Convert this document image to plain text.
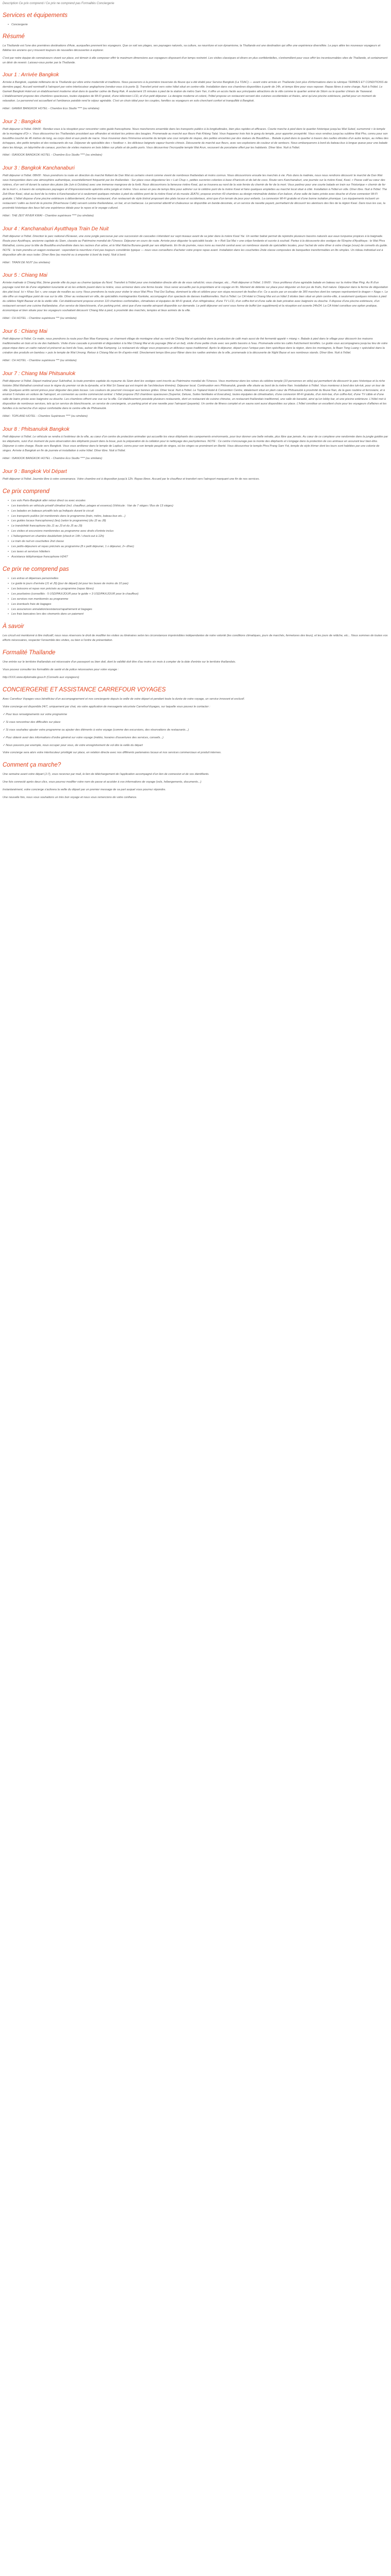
Description Ce prix comprend / Ce prix ne comprend pas Formalités Conciergerie
Services et équipements
• Conciergerie
Résumé

La Thaïlande est l'une des premières destinations d'Asie, auxquelles prennent les voyageurs. Que ce soit ses plages, ses paysages naturels, sa culture, sa nourriture et son dynamisme, la Thaïlande est une destination qui offre une expérience diversifiée. Le pays attire les nouveaux voyageurs et fidélise les anciens qui y trouvent toujours de nouvelles découvertes à explorer.

C'est par notre équipe de connaisseurs vivant sur place, est témoin à elle composer offrir le maximum dimensions aux voyageurs disposant d'un temps restreint. Les visites classiques et divers en plus confidentielles, s'entremêlent pour vous offrir les incontournables sites de Thaïlande, et certainement un désir de revenir. Laissez-vous porter par la Thaïlande.

Jour 1 : Arrivée Bangkok

Arrivée à Bangkok, capitale millénaire de la Thaïlande qui vibre entre modernité et traditions. Nous passerons à la première traversée du fleuve qui a été établi pour Service Bangkok (La TDAC) — avant votre arrivée en Thaïlande (voir plus d'informations dans la rubrique TERMES ET CONDITIONS de dernière page). Accueil nominatif à l'aéroport par votre interlocuteur anglophone (rendez-vous à la porte 3). Transfert privé vers votre hôtel situé en centre-ville. Installation dans vos chambres disponibles à partir de 14h, et temps libre pour vous reposer. Repas libres à votre charge. Nuit à l'hôtel. Le Gamek Bangkok Hotel est un établissement moderne situé dans le quartier calme de Bang Rak. À seulement 15 minutes à pied de la station de métro Sam Yan, il offre un accès facile aux principales attractions de la ville comme le quartier animé de Silom ou le quartier chinois de Yaowarat. L'établissement propose des chambres spacieuses, toutes équipées de Wi-Fi gratuit, d'une télévision LCD, et d'un petit déjeuner. La designe moderne et coloré, l'hôtel propose un restaurant servant des cuisines occidentales et thaïes, ainsi qu'une piscine extérieure, parfait pour un moment de relaxation. Le personnel est accueillant et l'ambiance paisible rend le séjour agréable. C'est un choix idéal pour les couples, familles ou voyageurs en solo cherchant confort et tranquillité à Bangkok.

Hôtel : GAMEK BANGKOK HOTEL - Chambre Eco Studio **** (ou similaire)

Jour 2 : Bangkok

Petit déjeuner à l'hôtel. 09h00 : Rendez-vous à la réception pour rencontrer votre guide francophone. Nous marcherons ensemble dans les transports publics à la longitudinales, bien plus rapides et efficaces. Courte marche à pied dans le quartier historique jusqu'au Wat Suted, surnommé « le temple de la montagne d'Or ». Vous découvrirez les Thaïlandais procédant aux offrandes et récitant les prières des bougies. Promenade au marché aux fleurs Pak Khlong Talat. Vous frapperez trois fois le gong du temple, pour apporter prospérité. Vous vous rendrez jusqu'au sublime Wat Pho, connu pour son bouddha couché de 46 mètres de long, au corps doré et aux pieds de nacre. Vous trouverez dans l'immense enceinte du temple une cour remplie de stupas, des petites enceintes par des statues de Bouddhas... Balade à pied dans le quartier à travers des ruelles étroites d'un autre temps, au milieu des échoppes, des petits temples et des restaurants de rue. Déjeuner de spécialités des « foodtour ». les délicieux beignets vapeur fourrés chinois. Découverte du marché aux fleurs, avec ses explosions de couleur et de senteurs. Nous embarquerons à bord du bateau-bus à longue queue pour une balade dans les klongs, un labyrinthe de canaux, porches de visites maisons en bois bâties sur pilotis et de petits ports. Vous découvrirez l'incroyable temple Wat Arun, recouvert de porcelaine offert par les habitants. Dîner libre. Nuit à l'hôtel.

Hôtel : ISANOOK BANGKOK HOTEL - Chambre Eco Studio **** (ou similaire)

Jour 3 : Bangkok Kanchanaburi

Petit déjeuner à l'hôtel. 08h00 : Nous prendrons la route en direction du marché flottant de Dan Wat où certains vivent comme vivent de nombreux thaïlandais et moins connus. Nous découvrirons ensuite les marchés à vie. Puis dans la matinée, nous nous rendrons découvrir le marché de Dan Wat sous transportées dans une atmosphère authentique, essentiellement fréquenté par les thaïlandais : Sur place vous dégusterez les « Luk Chup », petites sucreries colorées à base d'haricots et de lait de coco. Route vers Kanchanaburi, une journée sur la rivière Kwaï, Kwaï. « Passe calif au cœur des rizières, d'un vert vif durant la saison des pluies (de Juin à Octobre) avec une immense mangrove de la forêt. Nous découvrirons la fameuse rivière Kwaï, qui se trouvera au nord de la voie ferrée du chemin de fer de la mort. Vous partirez pour une courte balade en train sur l'historique « chemin de fer de la mort », à travers de sompteuses paysages et d'impressionnants aplombs entre jungle et rivière. Vous aurez un peu de temps libre pour admirer sur le célèbre pont de la rivière Kwaï et faire quelques emplettes au marché local situé à côté. Installation à l'hôtel en ville. Dîner libre. Nuit à l'hôtel. The Zeit River Kwaï, situé au bord de la rivière à Kanchanaburi et à seulement quelques minutes à pied du célèbre pont de la rivière Kwaï et du musée JEATH, propose environ 43 chambres au design minimaliste dotées d'un balcon, d'une salle de bains privée avec douche et d'une connexion Wi-Fi gratuite. L'hôtel dispose d'une piscine extérieure à débordement, d'un bar-restaurant, d'un restaurant de style bistrot proposant des plats locaux et occidentaux, ainsi que d'un terrain de jeux pour enfants. La connexion Wi-Fi gratuite et d'une bonne isolation phonique. Les équipements incluent un restaurant / cafés au bord de la piscine (Riverhouse Café) servant cuisine thaïlandaise, un bar, et un barbecue. Le personnel attentif et chaleureux se disponible en bande-dessinée, et un service de navette payant, permettant de découvrir les alentours des îles de la région Kwaï. Dans tous les cas, la proximité historique des lieux fait une expérience idéale pour le repos et le voyage culturel.

Hôtel : THE ZEIT RIVER KWAI - Chambre supérieure **** (ou similaire)

Jour 4 : Kanchanaburi Ayutthaya Train De Nuit

Petit déjeuner à l'hôtel. Direction le parc national d'Erawan, une zone jungle parcourue par une succession de cascades s'étendant sur sept niveaux avant de se jeter dans la rivière Kwaï Yai. Un sentier balisé permet de rejoindre plusieurs bassins naturels aux eaux turquoise propices à la baignade. Route pour Ayutthaya, ancienne capitale du Siam, classée au Patrimoine mondial de l'Unesco. Déjeuner en cours de route. Arrivée pour déguster la spécialité locale : le « Roti Sai Mai » une crêpe fondante et sucrée à souhait. Partez à la découverte des vestiges de l'Empire d'Ayutthaya : le Wat Phra Mahathat, connu pour la tête de Bouddha enchevêtrée dans les racines d'un arbre, et le Wat Ratcha Burana gardé par ses éléphants. En fin de journée, nous irons au marché central avec un nombreux stands de spécialités locales, pour l'achat de votre dîner à votre charge (vous) de conseils du guide. NOTE : le train prendra un wagon-restaurant : cependant la nourriture n'est pas toujours considérée typique — nous vous conseillons d'acheter votre propre repas avant. Installation dans les couchettes 2nde classe composées de banquettes transformables en lits simples. Un rideau individuel est à disposition afin de vous isoler. Dîner libre (au marché ou à emporter à bord du train). Nuit à bord.

Hôtel : TRAIN DE NUIT (ou similaire)

Jour 5 : Chiang Mai

Arrivée matinale à Chiang Mai, 2ème grande ville du pays au charme typique du Nord. Transfert à l'hôtel pour une installation directe afin de de vous rafraîchir, vous changer, etc... Petit déjeuner à l'hôtel. 1:0h00 : Vous profiterez d'une agréable balade en bateau sur la rivière Mae Ping. Au fil d'un paysage rural tiré de d'une végétation luxuriante et où les enfants jouent dans la rivière, vous arriverez dans une ferme locale. Vous serez accueillis par la propriétaire et le voyage en fin. Moment de détente sur place pour déguster un bon jus de fruits, fruit nature. Déjeuner dans la ferme de dégustation des plat local. Ici « Khao Soi », une soupe de nouilles au curry. Nous prendrons la route pour visiter le vieux Wat Phra That Doi Suthep, dominant la ville et célèbre pour son stupa recouvert de feuilles d'or. Ce a accès par un escalier de 300 marches dont les rampes représentent le dragon « Naga ». Le site offre un magnifique point de vue sur la ville. Dîner au restaurant en ville, de spécialités montagnardes Kantoke, accompagné d'un spectacle de danses traditionnelles. Nuit à l'hôtel. Le CA Hotel à Chiang Mai est un hôtel 3 étoiles bien situé en plein centre-ville, à seulement quelques minutes à pied du célèbre Night Bazaar et de la vieille ville. Cet établissement propose environ 110 chambres confortables, climatisées et équipées de Wi-Fi gratuit, d'un réfrigérateur, d'une TV LCD, d'un coffre-fort et d'une salle de bain privative avec baignoire ou douche. Il dispose d'une piscine extérieure, d'un restaurant servant une cuisine thaïlandaise, d'un service de blanchisserie, d'un parking privé, ainsi que d'une navette aéroport disponible sur demande. Le petit déjeuner est servi sous forme de buffet (en supplément) et la réception est ouverte 24h/24. La CA Hotel constitue une option pratique, économique et bien située pour les voyageurs souhaitant découvrir Chiang Mai à pied, à proximité des marchés, temples et lieux animés de la ville.

Hôtel : CH HOTEL - Chambre supérieure *** (ou similaire)

Jour 6 : Chiang Mai

Petit déjeuner à l'hôtel. Ce matin, nous prendrons la route pour Ban Mae Kampong, un charmant village de montagne situé au nord de Chiang Mai et spécialisé dans la production de café mais aussi de thé fermenté appelé « miang ». Balade à pied dans le village pour découvrir les maisons traditionnelles en bois et la vie des habitants. Visite d'une cascade à proximité et dégustation à la Mai Chiang Mai et du paysage (Mai et un bel), visite d'une petite chute avec ses petits bassins à l'eau. Promenade entre les cafés fraîchement torréfiés. Le guide vous accompagnera jusqu'au lieu de votre pique-nique dans un cadre naturel et préservé au bord de l'eau, autour de Mae Kampong. Le restaurant du village vous proposera un délicieux repas traditionnel. Après le déjeuner, départ pour l'unique parc bien spécifique dans la région, dans les montagnes, le Baan Tong Luang « spécialisé dans la création des produits en bambou » puis le temple de Wat Umong. Retour à Chiang Mai en fin d'après-midi. Directement temps libre pour flâner dans les ruelles animées de la ville, promenade à la découverte de Night Bazar et ses nombreux stands. Dîner libre. Nuit à l'hôtel.

Hôtel : CH HOTEL - Chambre supérieure *** (ou similaire)

Jour 7 : Chiang Mai Phitsanulok

Petit déjeuner à l'hôtel. Départ matinal pour Sukhothaï, la toute première capitale du royaume du Siam dont les vestiges sont inscrits au Patrimoine mondial de l'Unesco. Vous montrerez dans les ruines du célèbre temple (10 personnes en vélo) qui permettent de découvrir le parc historique et la riche histoire (Wat Mahathat construit sous le règne du premier roi de la dynastie, et le Wat Sri Sawai qui est inspiré de l'architecture khmère). Déjeuner local. Continuation vers Phitsanulok, grande ville située au bord de la rivière Nan. Installation à l'hôtel. Vous monterez à bord des tuk-tuk, pour un tour de ville. Quelques arrêts seront prévus pour déguster des plats locaux. Les couleurs de pourront s'essayer aux bonnes grilles. Dîner local. Nuit à l'hôtel. Le Topland Hotel & Convention Centre, idéalement situé en plein cœur de Phitsanulok à proximité du fleuve Nan, de la gare routière et ferroviaire, et à environ 5 minutes en voiture de l'aéroport, en connexion au centre commercial central. L'hôtel propose 252 chambres spacieuses (Superior, Deluxe, Suites familiales et Executive), toutes équipées de climatisation, d'une connexion Wi-Fi gratuite, d'un mini-bar, d'un coffre-fort, d'une TV câble et d'une salle de bains privée avec baignoire ou douche. Les chambres offrent une vue sur la ville. Cet établissement possède plusieurs restaurants, dont un restaurant de cuisine chinoise, un restaurant thaïlandais traditionnel, une salle de karaoké, ainsi qu'un lobby bar, et une piscine extérieure. L'hôtel met à disposition de nombreux services, tels qu'un service de blanchisserie, un service de conciergerie, un parking privé et une navette pour l'aéroport (payante). Un centre de fitness complet et un sauna sont aussi disponibles sur place. L'hôtel constitue un excellent choix pour les voyageurs d'affaires et les familles à la recherche d'un séjour confortable dans le centre-ville de Phitsanulok.

Hôtel : TOPLAND HOTEL - Chambre Supérieure **** (ou similaire)

Jour 8 : Phitsanulok Bangkok

Petit déjeuner à l'hôtel. Le véhicule se rendra à l'extérieur de la ville, au cœur d'un centre de protection animalier qui accueille les vieux éléphants des campements environnants, pour leur donner une belle retraite, plus libre que jamais. Au cœur de ce complexe une randonnée dans la jungle guidée par les éléphants, suivi d'un moment de pure observation des éléphants jouant dans la boue, puis la préparation de la collation pour le nettoyage des pachydermes. NOTE : Ce centre n'encourage pas la monte des éléphants et s'engage dans la protection de ces animaux en assurant leur bien-être. Déjeuner à votre charge. Route vers Bangkok. Vous vous arrêterez dans le temple de Lopburi, connu pour son temple peuplé de singes, où les singes se promènent en liberté. Vous découvrirez le temple Phra Prang Sam Yot, temple de style khmer dont les tours sont habitées par une colonie de singes. Arrivée à Bangkok en fin de journée et installation à votre hôtel. Dîner libre. Nuit à l'hôtel.

Hôtel : ISANOOK BANGKOK HOTEL - Chambre Eco Studio **** (ou similaire)

Jour 9 : Bangkok Vol Départ

Petit déjeuner à l'hôtel. Journée libre à votre convenance. Votre chambre est à disposition jusqu'à 12h. Repas libres. Accueil par le chauffeur et transfert vers l'aéroport marquant une fin de nos services.

Ce prix comprend
• Les vols Paris-Bangkok aller retour direct ou avec escales
• Les transferts en véhicule privatif climatisé (incl. chauffeur, péages et essence) (Véhicule : Van de 7 sièges / Bus de 13 sièges)
• Les balades en bateaux privatifs tels qu'indiqués durant le circuit
• Les transports publics (et mentionnés dans le programme (train, métro, bateau-bus etc...)
• Les guides locaux francophones) (les) (selon le programme) (du J2 au J8)
• Le trandsfnité francophone (du J1 au J3 et du J5 au J9)
• Les visites et excursions mentionnées au programme avec droits d'entrée inclus
• L'hébergement en chambre double/twin (check-in 14h / check-out à 12h)
• Le train de nuit en couchettes 2nd classe
• Les petits-déjeuners et repas précisés au programme (8 x petit déjeuner, 1 x déjeuner, 2+ dîner)
• Les taxes et services hôteliers
• Assistance téléphonique francophone H24/7
Ce prix ne comprend pas
• Les extras et dépenses personnelles
• Le guide le jours d'arrivée (J1 et J9) (jour de départ) (et pour les buses de moins de 10 pax)
• Les boissons et repas non précisés au programme (repas libres)
• Les pourboires (conseillés : 5 USD/PAX/JOUR pour le guide + 3 USD/PAX/JOUR pour le chauffeur)
• Les services non mentionnés au programme
• Les éventuels frais de bagages
• Les assurances annulation/assistance/rapatriement et bagages
• Les frais bancaires lors des virements dans un paiement
À savoir

Les circuit est mentionné à titre indicatif, nous nous réservons le droit de modifier les visites ou itinéraires selon les circonstances imprévisibles indépendantes de notre volonté (les conditions climatiques, jours de marchés, fermetures des lieux), et les jours de relâche, etc... Nous sommes de toutes vos efforts nécessaires, respecter l'ensemble des visites, ou bien à l'ordre de présentation.

Formalité Thaïlande

Une entrée sur le territoire thaïlandais est nécessaire d'un passeport ou bien doit, dont la validité doit être d'au moins six mois à compter de la date d'entrée sur le territoire thaïlandais.

Vous pouvez consulter les formalités de santé et de police nécessaires pour votre voyage :

http://XXX.www.diplomatie.gouv.fr (Conseils aux voyageurs)

CONCIERGERIE ET ASSISTANCE CARREFOUR VOYAGES

Avec Carrefour Voyages vous bénéficiez d'un accompagnement et nos conciergerie depuis la veille de votre départ et pendant toute la durée de votre voyage, un service innovant et exclusif.

Votre concierge est disponible 24/7, uniquement par chat, via votre application de messagerie sécurisée CarrefourVoyages, sur laquelle vous pouvez le contacter :

✓ Pour tous renseignements sur votre programme

✓ Si vous rencontrez des difficultés sur place

✓ Si vous souhaitez ajouter votre programme ou ajouter des éléments à votre voyage (comme des excursions, des réservations de restaurants...)

✓ Pour obtenir avoir des informations d'ordre général sur votre voyage (météo, horaires d'ouvertures des services, conseils...)

✓ Nous pouvons par exemple, nous occuper pour vous, de votre enregistrement de vol dès la veille du départ

Votre concierge sera alors votre interlocuteur privilégié sur place, en relation directe avec nos différents partenaires locaux et nos services commerciaux et produit internes.

Comment ça marche?

Une semaine avant votre départ (J-7), vous recevrez par mail, le lien de téléchargement de l'application accompagné d'un lien de connexion et de vos identifiants.

Une fois connecté après deux clics, vous pourrez modifier votre nom de passe et accéder à vos informations de voyage (vols, hébergements, documents...)

Instantanément, votre concierge s'activera la veille du départ par un premier message de sa part auquel vous pourrez répondre.

Une nouvelle fois, nous vous souhaitons un très bon voyage et nous vous remercions de votre confiance.
